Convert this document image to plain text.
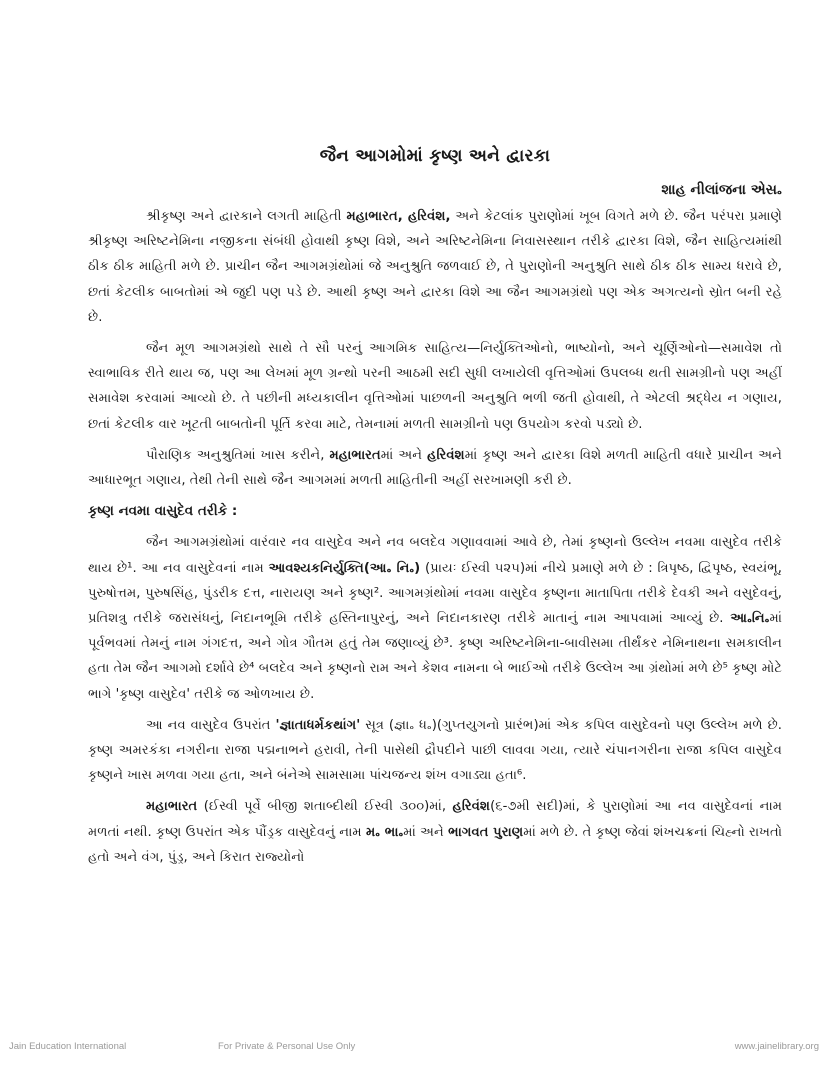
જૈન આગમોમાં કૃષ્ણ અને દ્વારકા
શાહ નીલાંજના એસ૰

શ્રીકૃષ્ણ અને દ્વારકાને લગતી માહિતી મહાભારત, હરિવંશ, અને કેટલાંક પુરાણોમાં ખૂબ વિગતે મળે છે. જૈન પરંપરા પ્રમાણે શ્રીકૃષ્ણ અરિષ્ટનેમિના નજીકના સંબંધી હોવાથી કૃષ્ણ વિશે, અને અરિષ્ટનેમિના નિવાસસ્થાન તરીકે દ્વારકા વિશે, જૈન સાહિત્યમાંથી ઠીક ઠીક માહિતી મળે છે. પ્રાચીન જૈન આગમગ્રંથોમાં જે અનુશ્રુતિ જળવાઈ છે, તે પુરાણોની અનુશ્રુતિ સાથે ઠીક ઠીક સામ્ય ધરાવે છે, છતાં કેટલીક બાબતોમાં એ જુદી પણ પડે છે. આથી કૃષ્ણ અને દ્વારકા વિશે આ જૈન આગમગ્રંથો પણ એક અગત્યનો સ્રોત બની રહે છે.

જૈન મૂળ આગમગ્રંથો સાથે તે સૌ પરનું આગમિક સાહિત્ય—નિર્યુક્તિઓનો, ભાષ્યોનો, અને ચૂર્ણિઓનો—સમાવેશ તો સ્વાભાવિક રીતે થાય જ, પણ આ લેખમાં મૂળ ગ્રન્થો પરની આઠમી સદી સુધી લખાયેલી વૃત્તિઓમાં ઉપલબ્ધ થતી સામગ્રીનો પણ અહીં સમાવેશ કરવામાં આવ્યો છે. તે પછીની મધ્યકાલીન વૃત્તિઓમાં પાછળની અનુશ્રુતિ ભળી જતી હોવાથી, તે એટલી શ્રદ્ધેય ન ગણાય, છતાં કેટલીક વાર ખૂટતી બાબતોની પૂર્તિ કરવા માટે, તેમનામાં મળતી સામગ્રીનો પણ ઉપયોગ કરવો પડ્યો છે.

પૌરાણિક અનુશ્રુતિમાં ખાસ કરીને, મહાભારતમાં અને હરિવંશમાં કૃષ્ણ અને દ્વારકા વિશે મળતી માહિતી વધારે પ્રાચીન અને આધારભૂત ગણાય, તેથી તેની સાથે જૈન આગમમાં મળતી માહિતીની અહીં સરખામણી કરી છે.

કૃષ્ણ નવમા વાસુદેવ તરીકે :

જૈન આગમગ્રંથોમાં વારંવાર નવ વાસુદેવ અને નવ બલદેવ ગણાવવામાં આવે છે, તેમાં કૃષ્ણનો ઉલ્લેખ નવમા વાસુદેવ તરીકે થાય છે¹. આ નવ વાસુદેવનાં નામ આવશ્યકનિર્યુક્તિ(આ૰ નિ૰) (પ્રાયઃ ઈસ્વી ૫૨૫)માં નીચે પ્રમાણે મળે છે : ત્રિપૃષ્ઠ, દ્વિપૃષ્ઠ, સ્વયંભૂ, પુરુષોત્તમ, પુરુષસિંહ, પુંડરીક દત્ત, નારાયણ અને કૃષ્ણ². આગમગ્રંથોમાં નવમા વાસુદેવ કૃષ્ણના માતાપિતા તરીકે દેવકી અને વસુદેવનું, પ્રતિશત્રુ તરીકે જરાસંધનું, નિદાનભૂમિ તરીકે હસ્તિનાપુરનું, અને નિદાનકારણ તરીકે માતાનું નામ આપવામાં આવ્યું છે. આ૰નિ૰માં પૂર્વભવમાં તેમનું નામ ગંગદત્ત, અને ગોત્ર ગૌતમ હતું તેમ જણાવ્યું છે³. કૃષ્ણ અરિષ્ટનેમિના-બાવીસમા તીર્થંકર નેમિનાથના સમકાલીન હતા તેમ જૈન આગમો દર્શાવે છે⁴ બલદેવ અને કૃષ્ણનો રામ અને કેશવ નામના બે ભાઈઓ તરીકે ઉલ્લેખ આ ગ્રંથોમાં મળે છે⁵ કૃષ્ણ મોટે ભાગે 'કૃષ્ણ વાસુદેવ' તરીકે જ ઓળખાય છે.

આ નવ વાસુદેવ ઉપરાંત 'જ્ઞાતાધર્મકથાંગ' સૂત્ર (જ્ઞા૰ ધ૰)(ગુપ્તયુગનો પ્રારંભ)માં એક કપિલ વાસુદેવનો પણ ઉલ્લેખ મળે છે. કૃષ્ણ અમરકંકા નગરીના રાજા પદ્મનાભને હરાવી, તેની પાસેથી દ્રૌપદીને પાછી લાવવા ગયા, ત્યારે ચંપાનગરીના રાજા કપિલ વાસુદેવ કૃષ્ણને ખાસ મળવા ગયા હતા, અને બંનેએ સામસામા પાંચજન્ય શંખ વગાડ્યા હતા⁶.

મહાભારત (ઈસ્વી પૂર્વે બીજી શતાબ્દીથી ઈસ્વી ૩૦૦)માં, હરિવંશ(૬-૭મી સદી)માં, કે પુરાણોમાં આ નવ વાસુદેવનાં નામ મળતાં નથી. કૃષ્ણ ઉપરાંત એક પૌંડ્રક વાસુદેવનું નામ મ૰ ભા૰માં અને ભાગવત પુરાણમાં મળે છે. તે કૃષ્ણ જેવાં શંખચક્રનાં ચિહ્નો રાખતો હતો અને વંગ, પુંડ્ર, અને કિરાત રાજ્યોનો

Jain Education International	For Private & Personal Use Only	www.jainelibrary.org
